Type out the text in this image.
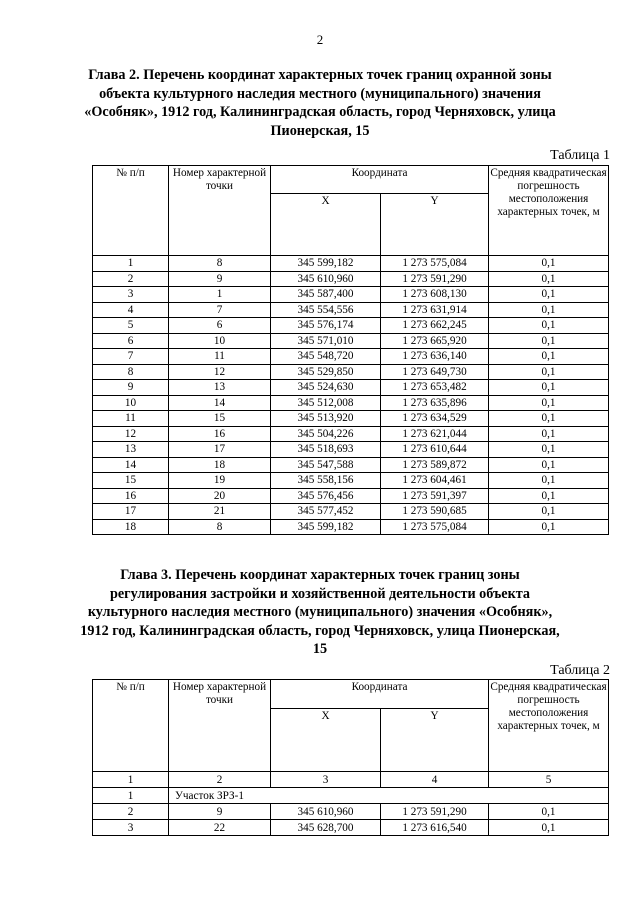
2
Глава 2. Перечень координат характерных точек границ охранной зоны объекта культурного наследия местного (муниципального) значения «Особняк», 1912 год, Калининградская область, город Черняховск, улица Пионерская, 15
Таблица 1
№ п/п	Номер характерной точки	Координата		Средняя квадратическая погрешность местоположения характерных точек, м
		X	Y	
1	8	345 599,182	1 273 575,084	0,1
2	9	345 610,960	1 273 591,290	0,1
3	1	345 587,400	1 273 608,130	0,1
4	7	345 554,556	1 273 631,914	0,1
5	6	345 576,174	1 273 662,245	0,1
6	10	345 571,010	1 273 665,920	0,1
7	11	345 548,720	1 273 636,140	0,1
8	12	345 529,850	1 273 649,730	0,1
9	13	345 524,630	1 273 653,482	0,1
10	14	345 512,008	1 273 635,896	0,1
11	15	345 513,920	1 273 634,529	0,1
12	16	345 504,226	1 273 621,044	0,1
13	17	345 518,693	1 273 610,644	0,1
14	18	345 547,588	1 273 589,872	0,1
15	19	345 558,156	1 273 604,461	0,1
16	20	345 576,456	1 273 591,397	0,1
17	21	345 577,452	1 273 590,685	0,1
18	8	345 599,182	1 273 575,084	0,1
Глава 3. Перечень координат характерных точек границ зоны регулирования застройки и хозяйственной деятельности объекта культурного наследия местного (муниципального) значения «Особняк», 1912 год, Калининградская область, город Черняховск, улица Пионерская, 15
Таблица 2
№ п/п	Номер характерной точки	Координата		Средняя квадратическая погрешность местоположения характерных точек, м
		X	Y	
1	2	3	4	5
1	Участок ЗРЗ-1			
2	9	345 610,960	1 273 591,290	0,1
3	22	345 628,700	1 273 616,540	0,1
